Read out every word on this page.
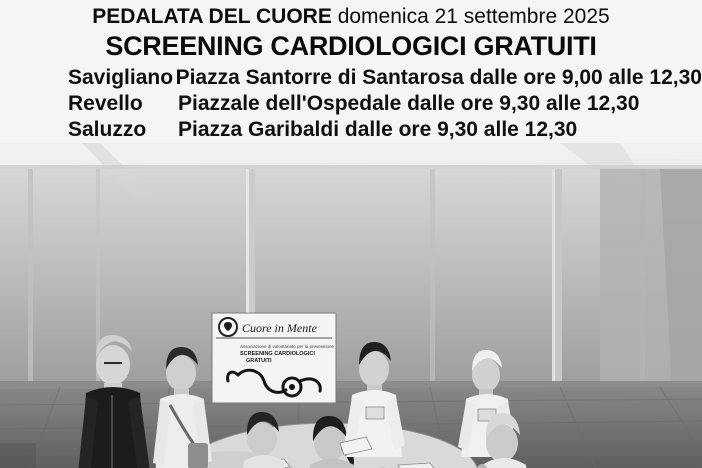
PEDALATA DEL CUORE domenica 21 settembre 2025
SCREENING CARDIOLOGICI GRATUITI
Savigliano Piazza Santorre di Santarosa dalle ore 9,00 alle 12,30
Revello	Piazzale dell'Ospedale dalle ore 9,30 alle 12,30
Saluzzo	Piazza Garibaldi dalle ore 9,30 alle 12,30
Cuore in Mente
Associazione di volontariato per la prevenzione
SCREENING CARDIOLOGICI
GRATUITI
